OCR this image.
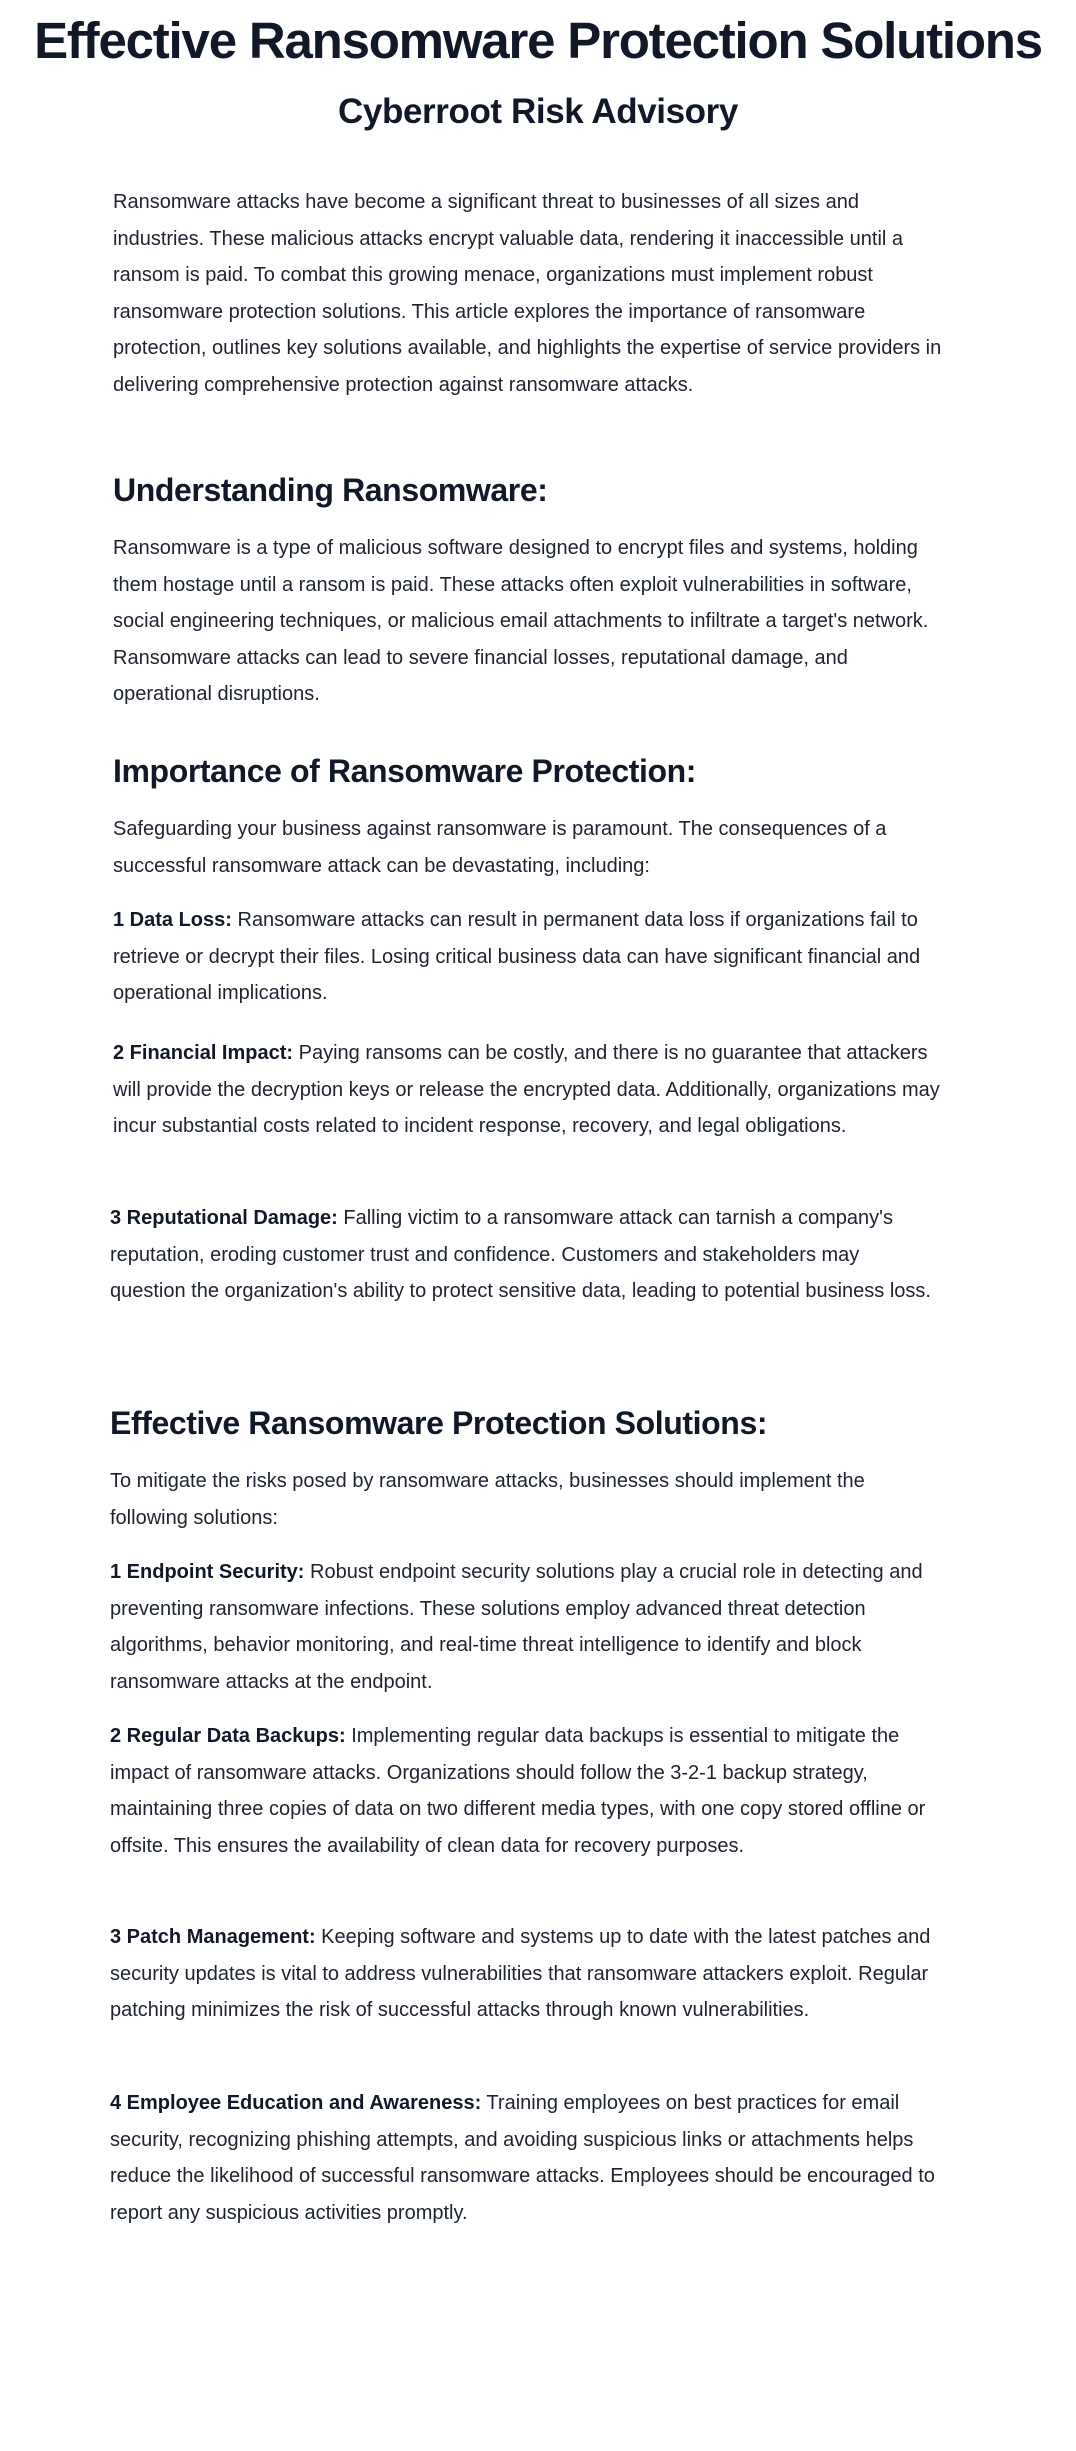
Effective Ransomware Protection Solutions
Cyberroot Risk Advisory

Ransomware attacks have become a significant threat to businesses of all sizes and industries. These malicious attacks encrypt valuable data, rendering it inaccessible until a ransom is paid. To combat this growing menace, organizations must implement robust ransomware protection solutions. This article explores the importance of ransomware protection, outlines key solutions available, and highlights the expertise of service providers in delivering comprehensive protection against ransomware attacks.

Understanding Ransomware:

Ransomware is a type of malicious software designed to encrypt files and systems, holding them hostage until a ransom is paid. These attacks often exploit vulnerabilities in software, social engineering techniques, or malicious email attachments to infiltrate a target's network. Ransomware attacks can lead to severe financial losses, reputational damage, and operational disruptions.

Importance of Ransomware Protection:

Safeguarding your business against ransomware is paramount. The consequences of a successful ransomware attack can be devastating, including:

1 Data Loss: Ransomware attacks can result in permanent data loss if organizations fail to retrieve or decrypt their files. Losing critical business data can have significant financial and operational implications.

2 Financial Impact: Paying ransoms can be costly, and there is no guarantee that attackers will provide the decryption keys or release the encrypted data. Additionally, organizations may incur substantial costs related to incident response, recovery, and legal obligations.

3 Reputational Damage: Falling victim to a ransomware attack can tarnish a company's reputation, eroding customer trust and confidence. Customers and stakeholders may question the organization's ability to protect sensitive data, leading to potential business loss.

Effective Ransomware Protection Solutions:

To mitigate the risks posed by ransomware attacks, businesses should implement the following solutions:

1 Endpoint Security: Robust endpoint security solutions play a crucial role in detecting and preventing ransomware infections. These solutions employ advanced threat detection algorithms, behavior monitoring, and real-time threat intelligence to identify and block ransomware attacks at the endpoint.

2 Regular Data Backups: Implementing regular data backups is essential to mitigate the impact of ransomware attacks. Organizations should follow the 3-2-1 backup strategy, maintaining three copies of data on two different media types, with one copy stored offline or offsite. This ensures the availability of clean data for recovery purposes.

3 Patch Management: Keeping software and systems up to date with the latest patches and security updates is vital to address vulnerabilities that ransomware attackers exploit. Regular patching minimizes the risk of successful attacks through known vulnerabilities.

4 Employee Education and Awareness: Training employees on best practices for email security, recognizing phishing attempts, and avoiding suspicious links or attachments helps reduce the likelihood of successful ransomware attacks. Employees should be encouraged to report any suspicious activities promptly.
